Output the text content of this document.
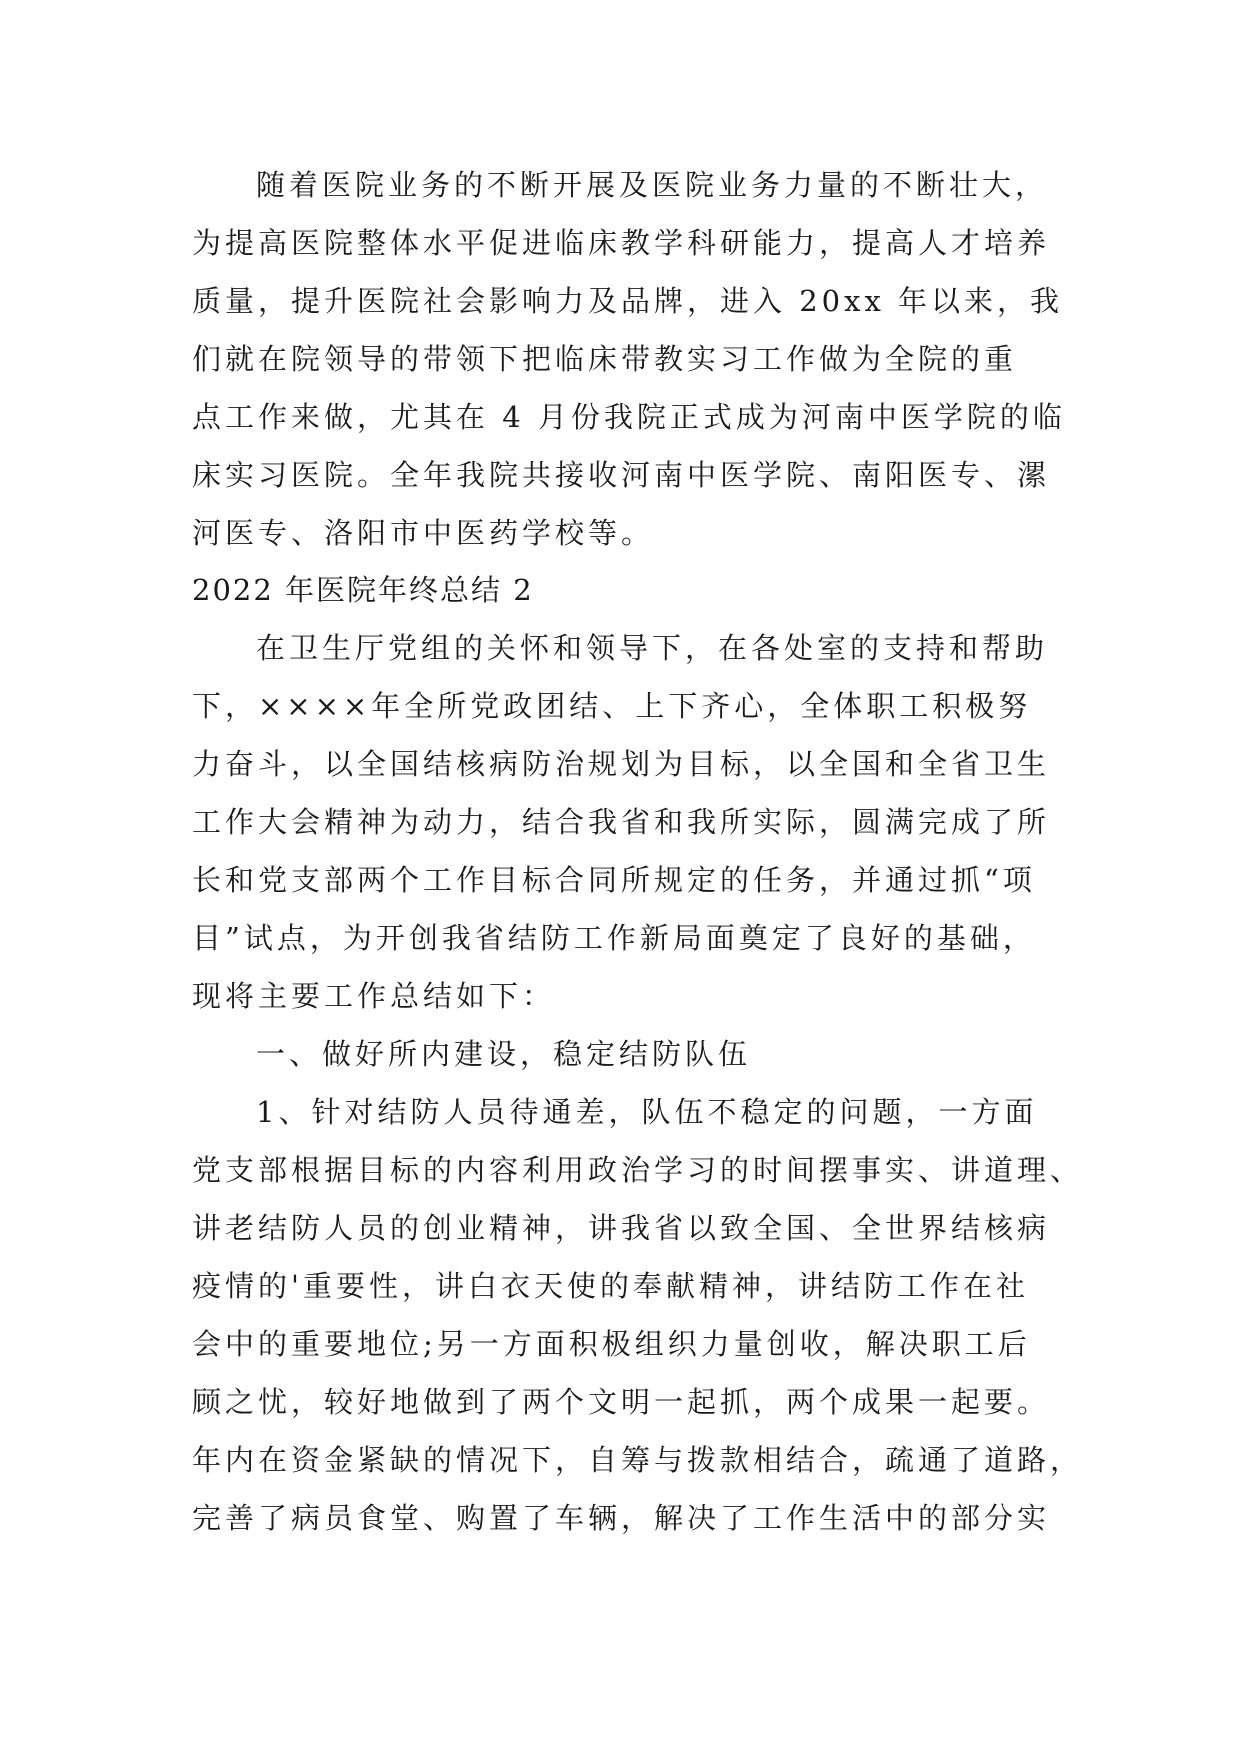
随着医院业务的不断开展及医院业务力量的不断壮大，
为提高医院整体水平促进临床教学科研能力，提高人才培养
质量，提升医院社会影响力及品牌，进入 20xx 年以来，我
们就在院领导的带领下把临床带教实习工作做为全院的重
点工作来做，尤其在 4 月份我院正式成为河南中医学院的临
床实习医院。全年我院共接收河南中医学院、南阳医专、漯
河医专、洛阳市中医药学校等。
2022 年医院年终总结 2
在卫生厅党组的关怀和领导下，在各处室的支持和帮助
下，××××年全所党政团结、上下齐心，全体职工积极努
力奋斗，以全国结核病防治规划为目标，以全国和全省卫生
工作大会精神为动力，结合我省和我所实际，圆满完成了所
长和党支部两个工作目标合同所规定的任务，并通过抓“项
目”试点，为开创我省结防工作新局面奠定了良好的基础，
现将主要工作总结如下：
一、做好所内建设，稳定结防队伍
1、针对结防人员待通差，队伍不稳定的问题，一方面
党支部根据目标的内容利用政治学习的时间摆事实、讲道理、
讲老结防人员的创业精神，讲我省以致全国、全世界结核病
疫情的'重要性，讲白衣天使的奉献精神，讲结防工作在社
会中的重要地位;另一方面积极组织力量创收，解决职工后
顾之忧，较好地做到了两个文明一起抓，两个成果一起要。
年内在资金紧缺的情况下，自筹与拨款相结合，疏通了道路，
完善了病员食堂、购置了车辆，解决了工作生活中的部分实
